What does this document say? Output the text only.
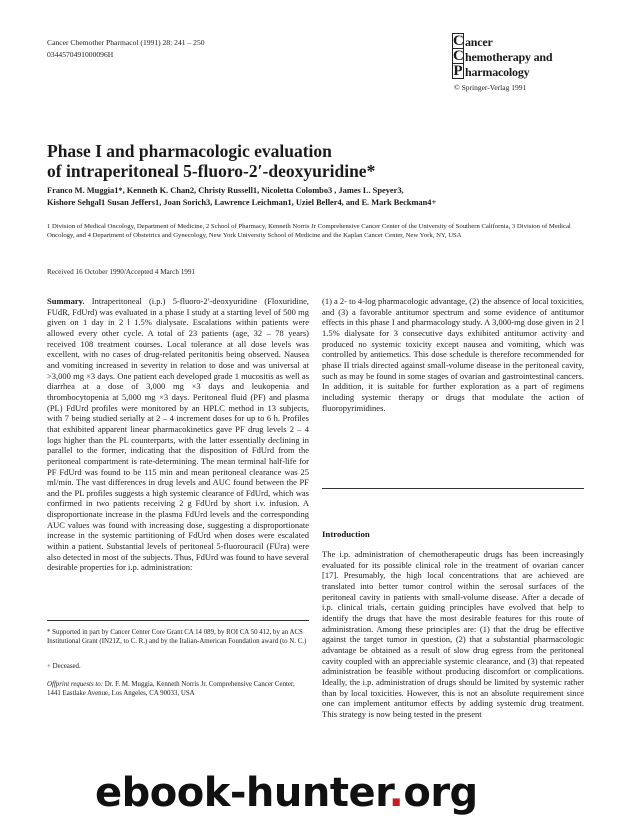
Cancer Chemother Pharmacol (1991) 28: 241 – 250
0344570491000096H
C ancer
C hemotherapy and
P harmacology
© Springer-Verlag 1991
Phase I and pharmacologic evaluation
of intraperitoneal 5-fluoro-2′-deoxyuridine*
Franco M. Muggia1*, Kenneth K. Chan2, Christy Russell1, Nicoletta Colombo3 , James L. Speyer3,
Kishore Sehgal1 Susan Jeffers1, Joan Sorich3, Lawrence Leichman1, Uziel Beller4, and E. Mark Beckman4+
1 Division of Medical Oncology, Department of Medicine, 2 School of Pharmacy, Kenneth Norris Jr Comprehensive Cancer Center of the University of Southern California, 3 Division of Medical Oncology, and 4 Department of Obstetrics and Gynecology, New York University School of Medicine and the Kaplan Cancer Center, New York, NY, USA
Received 16 October 1990/Accepted 4 March 1991

Summary. Intraperitoneal (i.p.) 5-fluoro-2′-deoxyuridine (Floxuridine, FUdR, FdUrd) was evaluated in a phase I study at a starting level of 500 mg given on 1 day in 2 l 1.5% dialysate. Escalations within patients were allowed every other cycle. A total of 23 patients (age, 32 – 78 years) received 108 treatment courses. Local tolerance at all dose levels was excellent, with no cases of drug-related peritonitis being observed. Nausea and vomiting increased in severity in relation to dose and was universal at >3,000 mg ×3 days. One patient each developed grade 1 mucositis as well as diarrhea at a dose of 3,000 mg ×3 days and leukopenia and thrombocytopenia at 5,000 mg ×3 days. Peritoneal fluid (PF) and plasma (PL) FdUrd profiles were monitored by an HPLC method in 13 subjects, with 7 being studied serially at 2 – 4 increment doses for up to 6 h. Profiles that exhibited apparent linear pharmacokinetics gave PF drug levels 2 – 4 logs higher than the PL counterparts, with the latter essentially declining in parallel to the former, indicating that the disposition of FdUrd from the peritoneal compartment is rate-determining. The mean terminal half-life for PF FdUrd was found to be 115 min and mean peritoneal clearance was 25 ml/min. The vast differences in drug levels and AUC found between the PF and the PL profiles suggests a high systemic clearance of FdUrd, which was confirmed in two patients receiving 2 g FdUrd by short i.v. infusion. A disproportionate increase in the plasma FdUrd levels and the corresponding AUC values was found with increasing dose, suggesting a disproportionate increase in the systemic partitioning of FdUrd when doses were escalated within a patient. Substantial levels of peritoneal 5-fluorouracil (FUra) were also detected in most of the subjects. Thus, FdUrd was found to have several desirable properties for i.p. administration:

(1) a 2- to 4-log pharmacologic advantage, (2) the absence of local toxicities, and (3) a favorable antitumor spectrum and some evidence of antitumor effects in this phase I and pharmacology study. A 3,000-mg dose given in 2 l 1.5% dialysate for 3 consecutive days exhibited antitumor activity and produced no systemic toxicity except nausea and vomiting, which was controlled by antiemetics. This dose schedule is therefore recommended for phase II trials directed against small-volume disease in the peritoneal cavity, such as may be found in some stages of ovarian and gastrointestinal cancers. In addition, it is suitable for further exploration as a part of regimens including systemic therapy or drugs that modulate the action of fluoropyrimidines.

Introduction
The i.p. administration of chemotherapeutic drugs has been increasingly evaluated for its possible clinical role in the treatment of ovarian cancer [17]. Presumably, the high local concentrations that are achieved are translated into better tumor control within the serosal surfaces of the peritoneal cavity in patients with small-volume disease. After a decade of i.p. clinical trials, certain guiding principles have evolved that help to identify the drugs that have the most desirable features for this route of administration. Among these principles are: (1) that the drug be effective against the target tumor in question, (2) that a substantial pharmacologic advantage be obtained as a result of slow drug egress from the peritoneal cavity coupled with an appreciable systemic clearance, and (3) that repeated administration be feasible without producing discomfort or complications. Ideally, the i.p. administration of drugs should be limited by systemic rather than by local toxicities. However, this is not an absolute requirement since one can implement antitumor effects by adding systemic drug treatment. This strategy is now being tested in the present
* Supported in part by Cancer Center Core Grant CA 14 089, by ROI CA 50 412, by an ACS Institutional Grant (IN21Z, to C. R.) and by the Italian-American Foundation award (to N. C.)
+ Deceased.
Offprint requests to: Dr. F. M. Muggia, Kenneth Norris Jr. Comprehensive Cancer Center, 1441 Eastlake Avenue, Los Angeles, CA 90033, USA
ebook-hunter.org
